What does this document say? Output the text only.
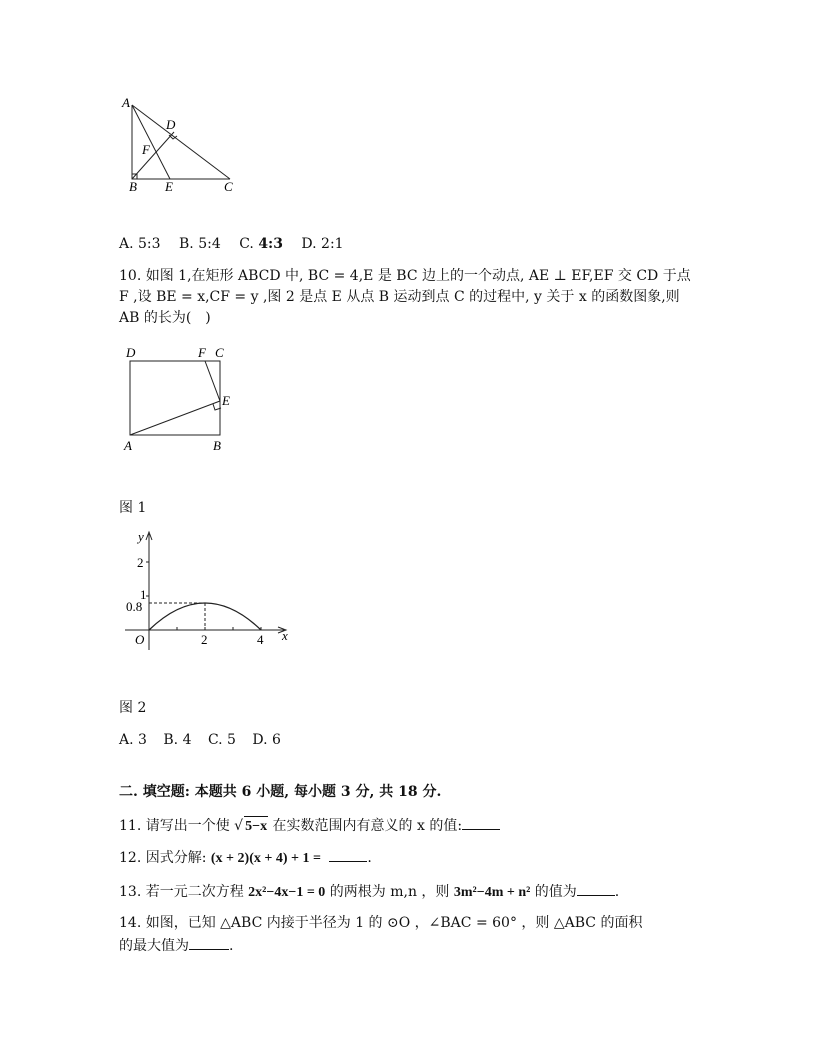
A
D
F
B E	C
A. 5:3 B. 5:4 C. 4:3 D. 2:1
10. 如图 1,在矩形 ABCD 中, BC = 4,E 是 BC 边上的一个动点, AE ⊥ EF,EF 交 CD 于点
F ,设 BE = x,CF = y ,图 2 是点 E 从点 B 运动到点 C 的过程中, y 关于 x 的函数图象,则
AB 的长为(　)
D	F C
E
A	B
图 1
y
x
O
2
1
0.8
2	4
图 2
A. 3 B. 4 C. 5 D. 6
二. 填空题: 本题共 6 小题, 每小题 3 分, 共 18 分.
11. 请写出一个使 √ 5−x 在实数范围内有意义的 x 的值:
12. 因式分解: (x + 2)(x + 4) + 1 =	.
13. 若一元二次方程 2x²−4x−1 = 0 的两根为 m,n ，则 3m²−4m + n² 的值为	.
14. 如图，已知 △ABC 内接于半径为 1 的 ⊙O ，∠BAC = 60° ，则 △ABC 的面积
的最大值为	.
